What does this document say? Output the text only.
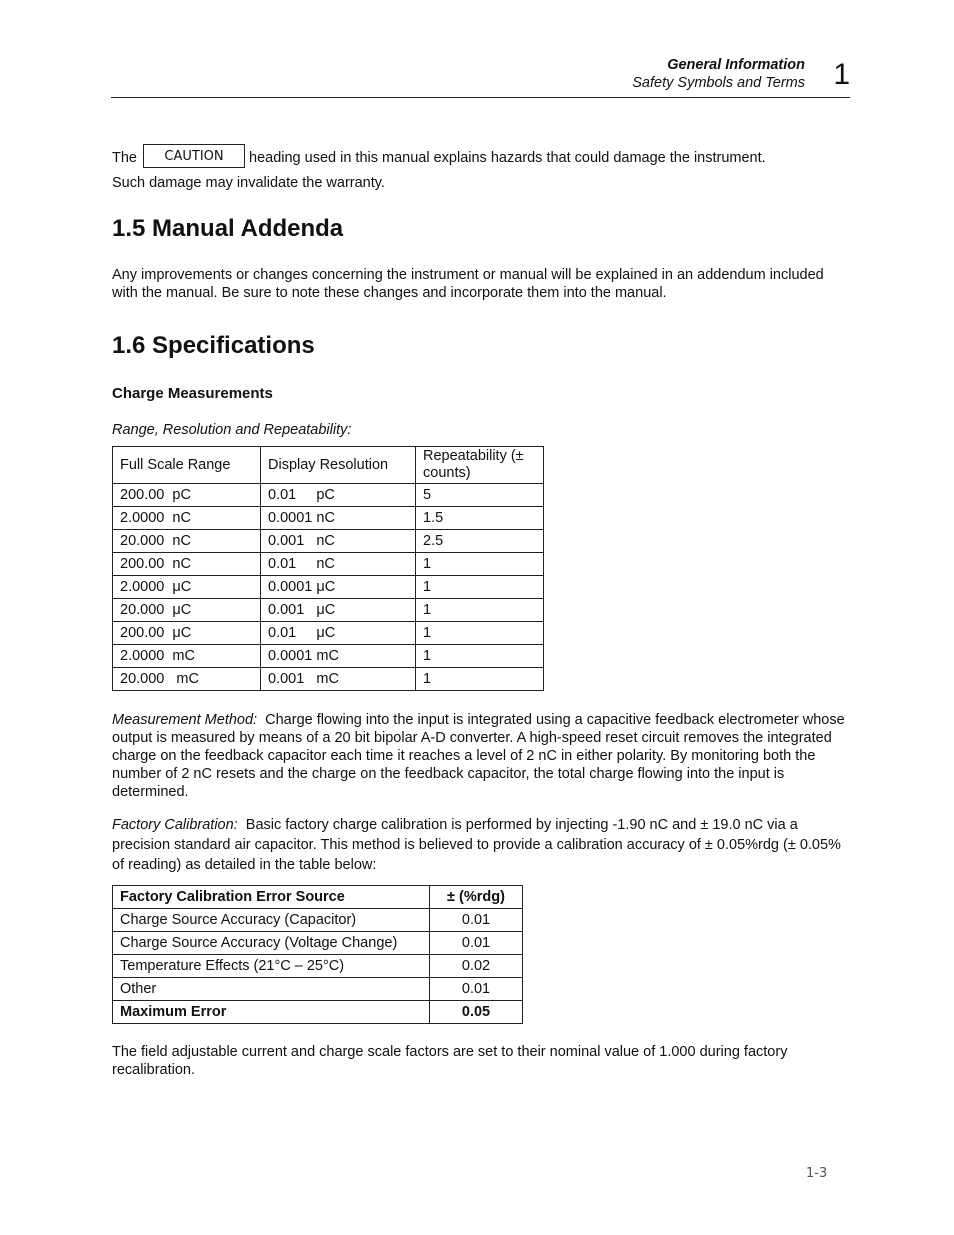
General Information
Safety Symbols and Terms 1
The CAUTION heading used in this manual explains hazards that could damage the instrument.
Such damage may invalidate the warranty.
1.5 Manual Addenda
Any improvements or changes concerning the instrument or manual will be explained in an addendum included with the manual. Be sure to note these changes and incorporate them into the manual.
1.6 Specifications
Charge Measurements
Range, Resolution and Repeatability:
Full Scale Range	Display Resolution	Repeatability (± counts)
200.00  pC	0.01     pC	5
2.0000  nC	0.0001 nC	1.5
20.000  nC	0.001   nC	2.5
200.00  nC	0.01     nC	1
2.0000  μC	0.0001 μC	1
20.000  μC	0.001   μC	1
200.00  μC	0.01     μC	1
2.0000  mC	0.0001 mC	1
20.000   mC	0.001   mC	1
Measurement Method: Charge flowing into the input is integrated using a capacitive feedback electrometer whose output is measured by means of a 20 bit bipolar A-D converter. A high-speed reset circuit removes the integrated charge on the feedback capacitor each time it reaches a level of 2 nC in either polarity. By monitoring both the number of 2 nC resets and the charge on the feedback capacitor, the total charge flowing into the input is determined.
Factory Calibration: Basic factory charge calibration is performed by injecting -1.90 nC and ± 19.0 nC via a precision standard air capacitor. This method is believed to provide a calibration accuracy of ± 0.05%rdg (± 0.05% of reading) as detailed in the table below:
Factory Calibration Error Source	± (%rdg)
Charge Source Accuracy (Capacitor)	0.01
Charge Source Accuracy (Voltage Change)	0.01
Temperature Effects (21°C – 25°C)	0.02
Other	0.01
Maximum Error	0.05
The field adjustable current and charge scale factors are set to their nominal value of 1.000 during factory recalibration.
1-3
